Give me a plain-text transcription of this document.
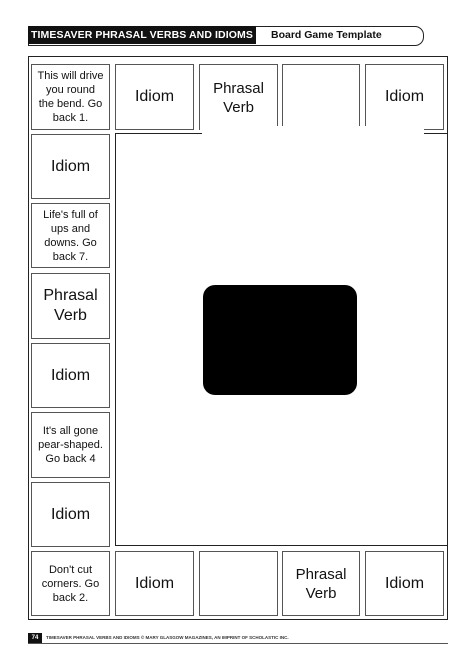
TIMESAVER PHRASAL VERBS AND IDIOMS Board Game Template
This will drive you round the bend. Go back 1.
Idiom	Phrasal Verb
Idiom
Idiom
Life's full of ups and downs. Go back 7.
Phrasal Verb
Idiom
It's all gone pear-shaped. Go back 4
Idiom
Don't cut corners. Go back 2.
Idiom
Phrasal Verb
Idiom
74	TIMESAVER PHRASAL VERBS AND IDIOMS © MARY GLASGOW MAGAZINES, AN IMPRINT OF SCHOLASTIC INC.
